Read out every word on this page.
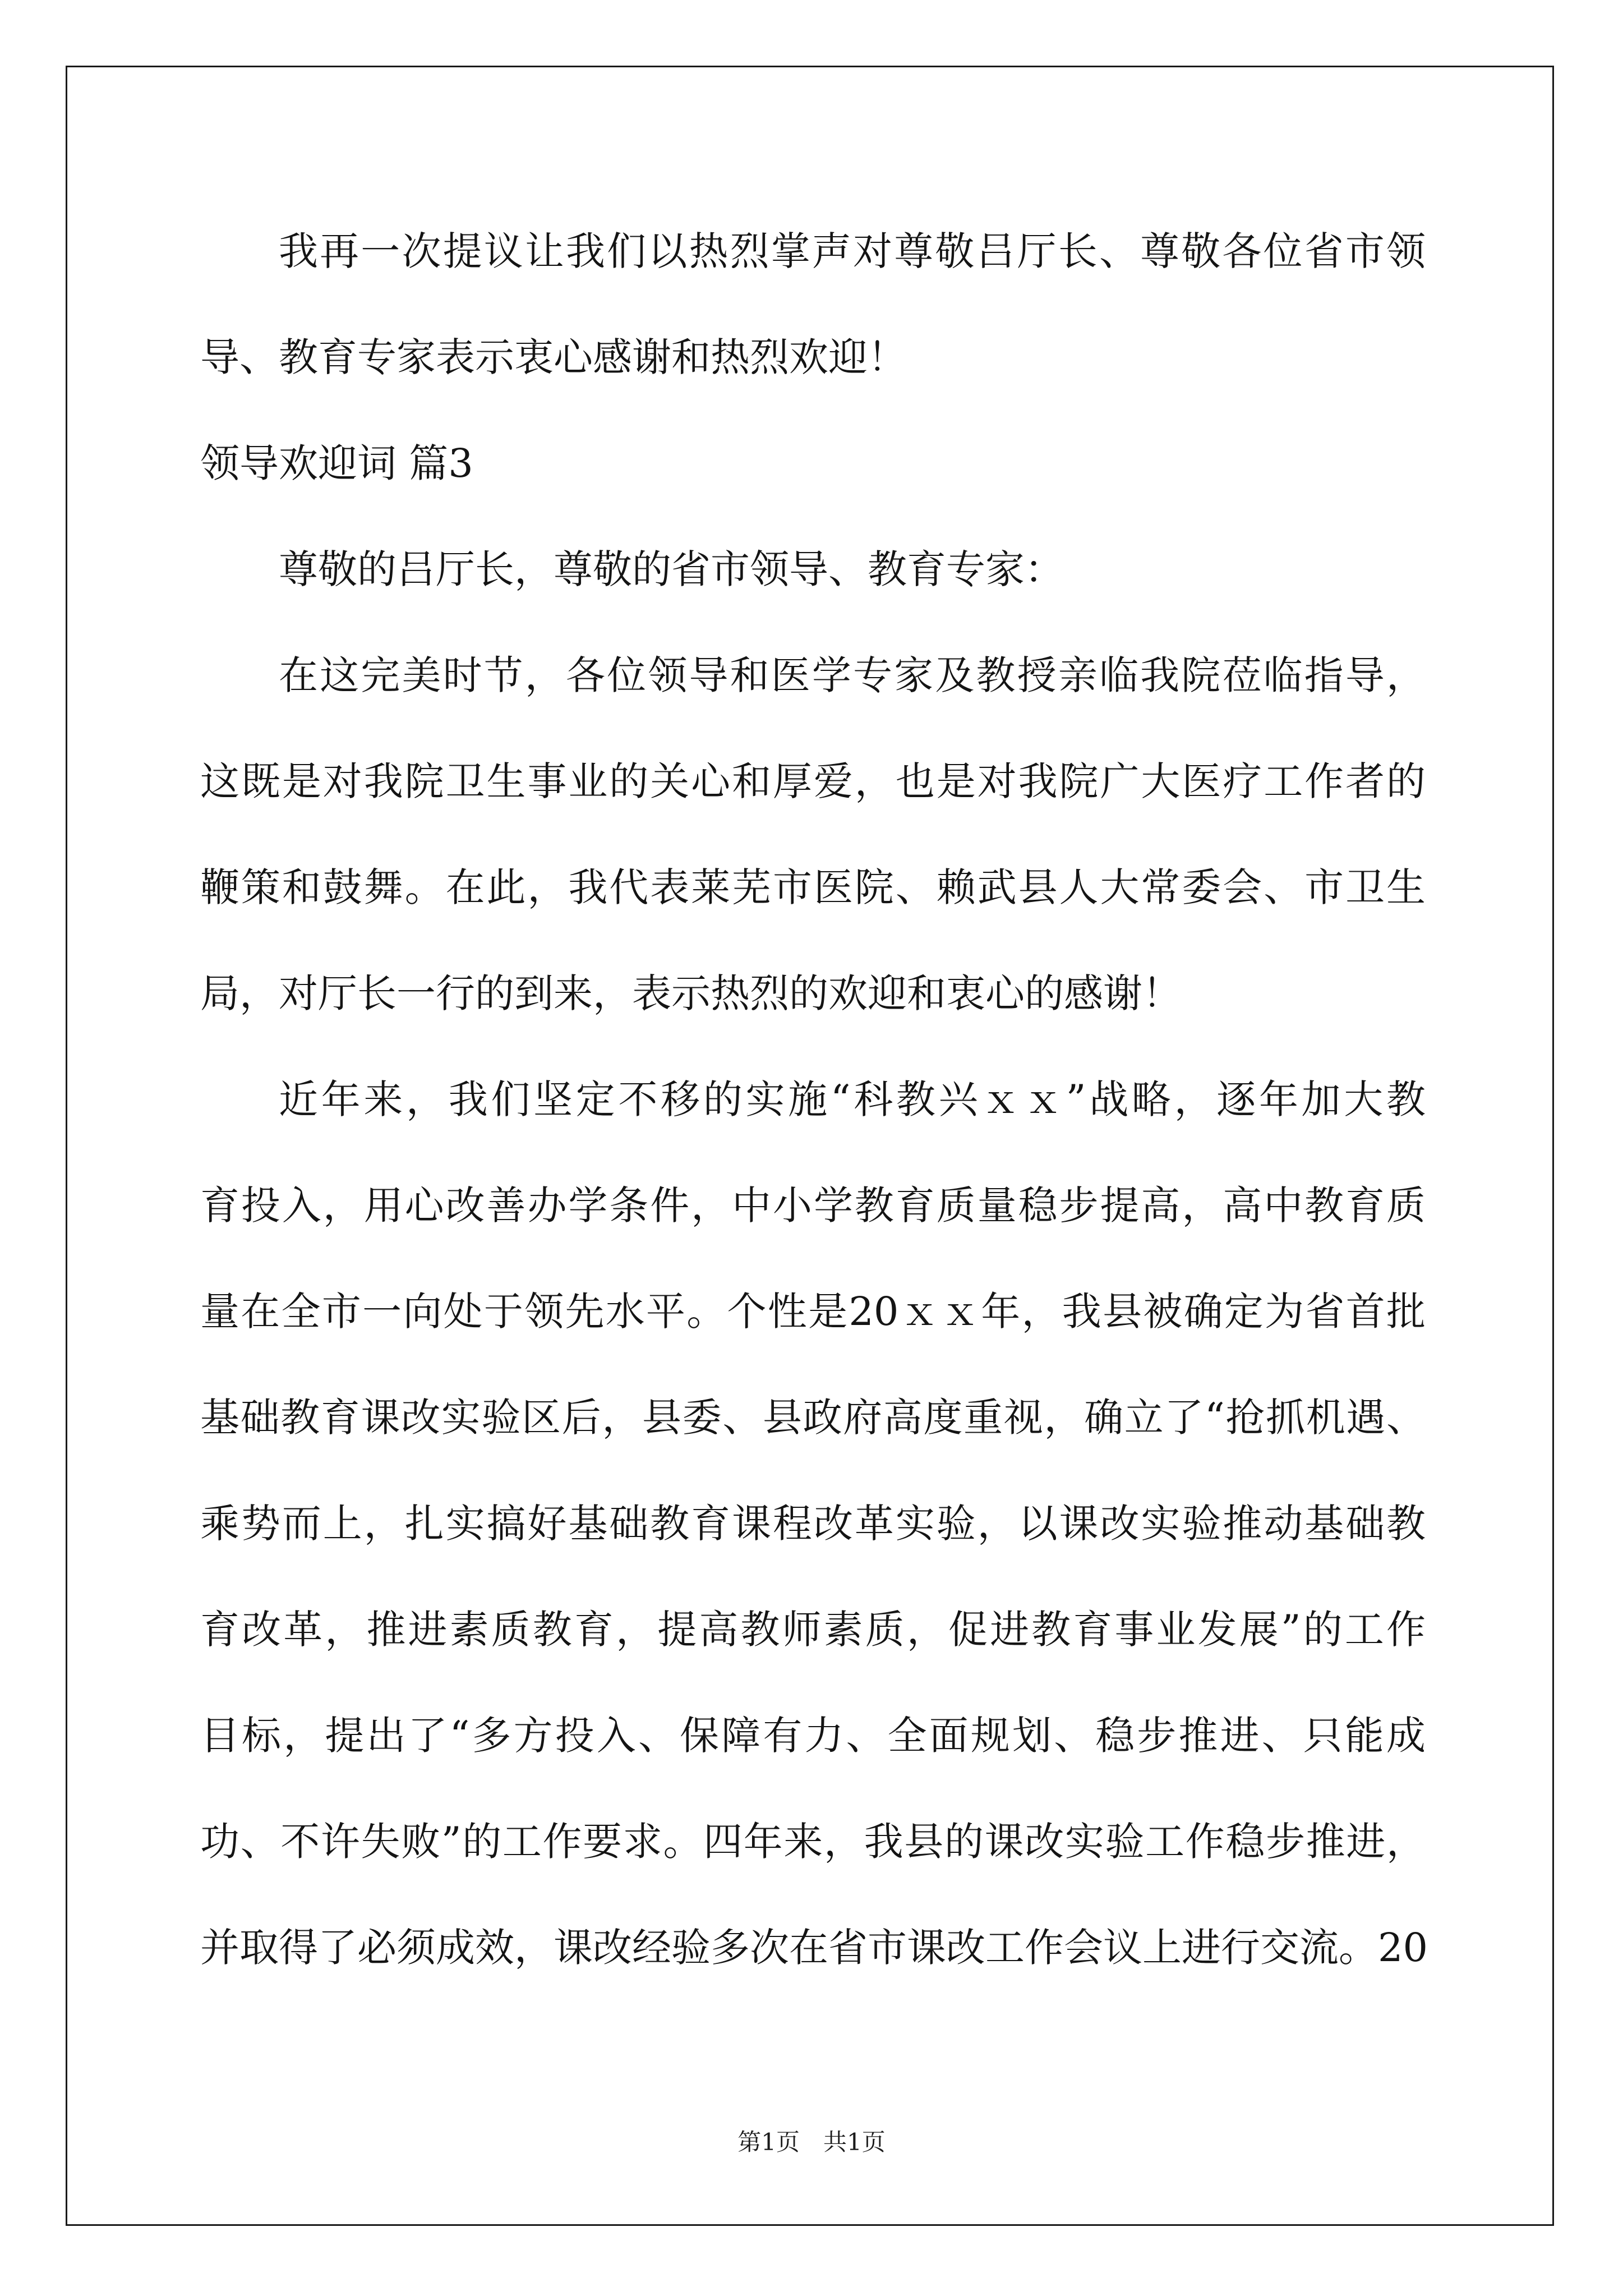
我再一次提议让我们以热烈掌声对尊敬吕厅长、尊敬各位省市领
导、教育专家表示衷心感谢和热烈欢迎！
领导欢迎词 篇3
尊敬的吕厅长，尊敬的省市领导、教育专家：
在这完美时节，各位领导和医学专家及教授亲临我院莅临指导，
这既是对我院卫生事业的关心和厚爱，也是对我院广大医疗工作者的
鞭策和鼓舞。在此，我代表莱芜市医院、赖武县人大常委会、市卫生
局，对厅长一行的到来，表示热烈的欢迎和衷心的感谢！
近年来，我们坚定不移的实施“科教兴ｘｘ”战略，逐年加大教
育投入，用心改善办学条件，中小学教育质量稳步提高，高中教育质
量在全市一向处于领先水平。个性是20ｘｘ年，我县被确定为省首批
基础教育课改实验区后，县委、县政府高度重视，确立了“抢抓机遇、
乘势而上，扎实搞好基础教育课程改革实验，以课改实验推动基础教
育改革，推进素质教育，提高教师素质，促进教育事业发展”的工作
目标，提出了“多方投入、保障有力、全面规划、稳步推进、只能成
功、不许失败”的工作要求。四年来，我县的课改实验工作稳步推进，
并取得了必须成效，课改经验多次在省市课改工作会议上进行交流。20
第1页　共1页
